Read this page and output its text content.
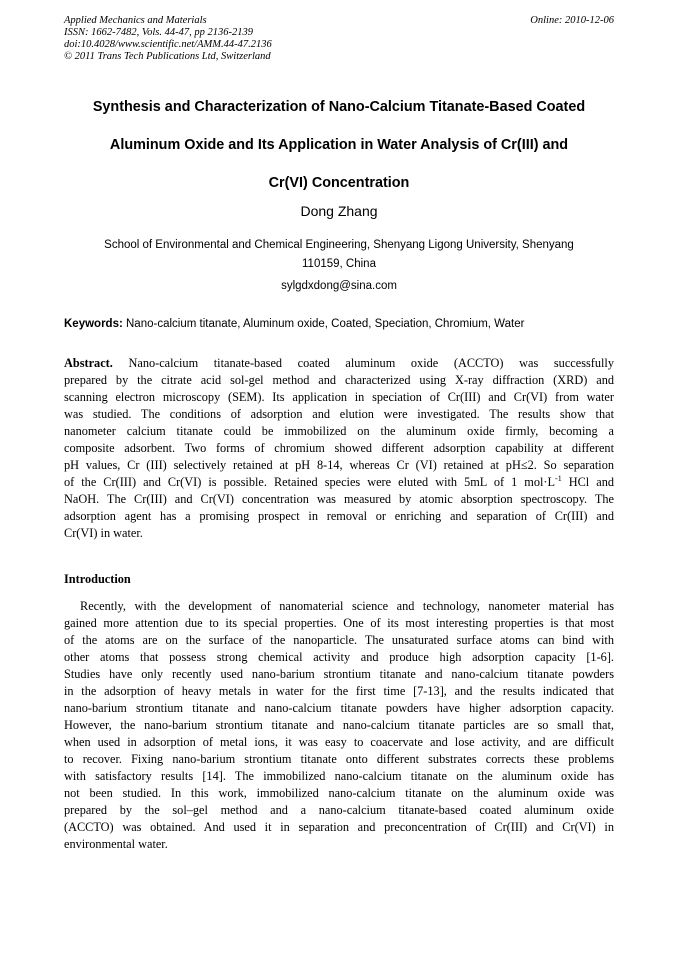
Applied Mechanics and Materials
ISSN: 1662-7482, Vols. 44-47, pp 2136-2139
doi:10.4028/www.scientific.net/AMM.44-47.2136
© 2011 Trans Tech Publications Ltd, Switzerland
Online: 2010-12-06
Synthesis and Characterization of Nano-Calcium Titanate-Based Coated
Aluminum Oxide and Its Application in Water Analysis of Cr(III) and
Cr(VI) Concentration
Dong Zhang
School of Environmental and Chemical Engineering, Shenyang Ligong University, Shenyang
110159, China
sylgdxdong@sina.com
Keywords: Nano-calcium titanate, Aluminum oxide, Coated, Speciation, Chromium, Water
Abstract. Nano-calcium titanate-based coated aluminum oxide (ACCTO) was successfully
prepared by the citrate acid sol-gel method and characterized using X-ray diffraction (XRD) and
scanning electron microscopy (SEM). Its application in speciation of Cr(III) and Cr(VI) from water
was studied. The conditions of adsorption and elution were investigated. The results show that
nanometer calcium titanate could be immobilized on the aluminum oxide firmly, becoming a
composite adsorbent. Two forms of chromium showed different adsorption capability at different
pH values, Cr (III) selectively retained at pH 8-14, whereas Cr (VI) retained at pH≤2. So separation
of the Cr(III) and Cr(VI) is possible. Retained species were eluted with 5mL of 1 $mol\cdot L^{-1}$ HCl and
NaOH. The Cr(III) and Cr(VI) concentration was measured by atomic absorption spectroscopy. The
adsorption agent has a promising prospect in removal or enriching and separation of Cr(III) and
Cr(VI) in water.
Introduction
Recently, with the development of nanomaterial science and technology, nanometer material has
gained more attention due to its special properties. One of its most interesting properties is that most
of the atoms are on the surface of the nanoparticle. The unsaturated surface atoms can bind with
other atoms that possess strong chemical activity and produce high adsorption capacity [1-6].
Studies have only recently used nano-barium strontium titanate and nano-calcium titanate powders
in the adsorption of heavy metals in water for the first time [7-13], and the results indicated that
nano-barium strontium titanate and nano-calcium titanate powders have higher adsorption capacity.
However, the nano-barium strontium titanate and nano-calcium titanate particles are so small that,
when used in adsorption of metal ions, it was easy to coacervate and lose activity, and are difficult
to recover. Fixing nano-barium strontium titanate onto different substrates corrects these problems
with satisfactory results [14]. The immobilized nano-calcium titanate on the aluminum oxide has
not been studied. In this work, immobilized nano-calcium titanate on the aluminum oxide was
prepared by the sol–gel method and a nano-calcium titanate-based coated aluminum oxide
(ACCTO) was obtained. And used it in separation and preconcentration of Cr(III) and Cr(VI) in
environmental water.
